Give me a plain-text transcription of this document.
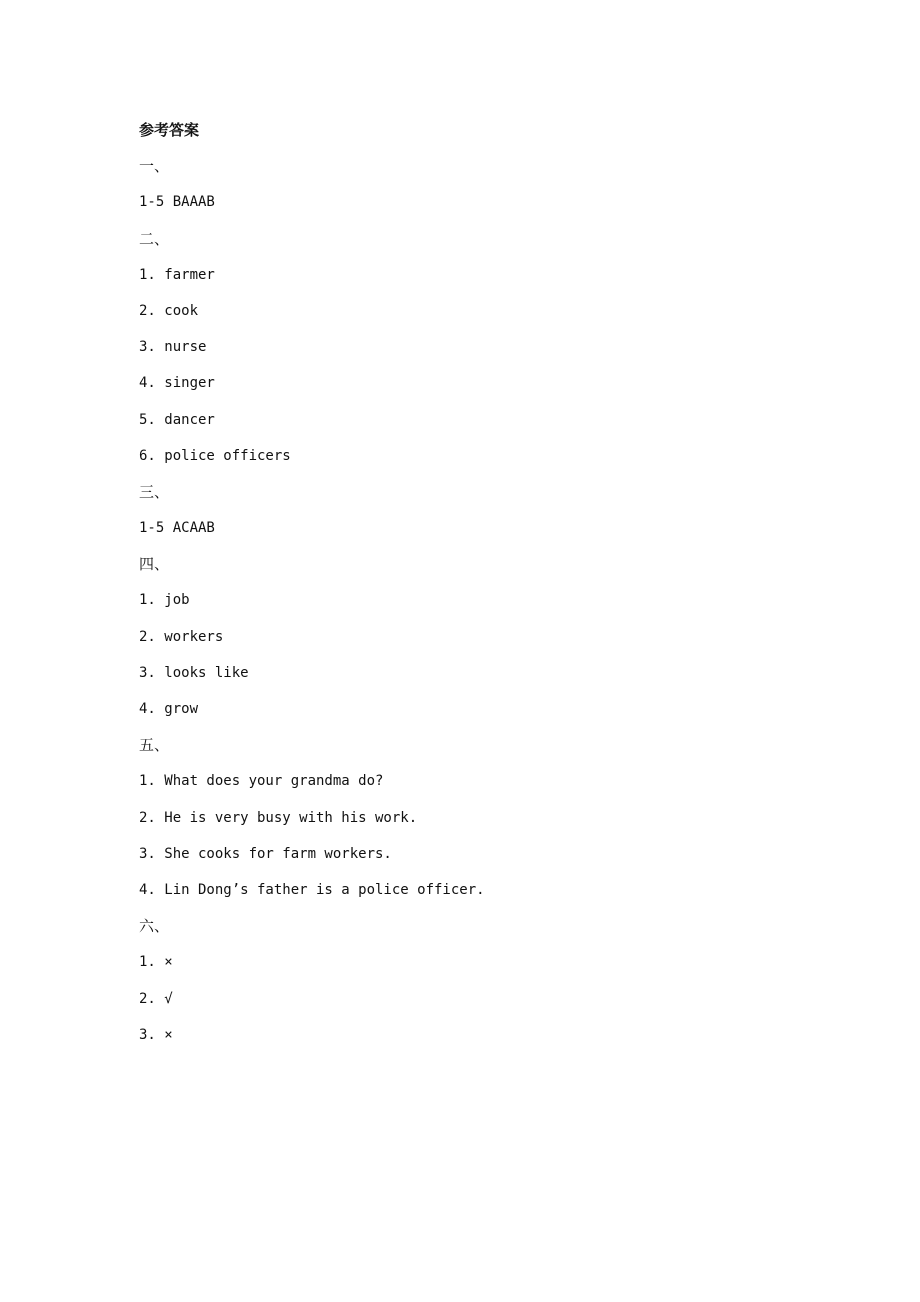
参考答案
一、
1-5 BAAAB
二、
1. farmer
2. cook
3. nurse
4. singer
5. dancer
6. police officers
三、
1-5 ACAAB
四、
1. job
2. workers
3. looks like
4. grow
五、
1. What does your grandma do?
2. He is very busy with his work.
3. She cooks for farm workers.
4. Lin Dong’s father is a police officer.
六、
1. ×
2. √
3. ×
